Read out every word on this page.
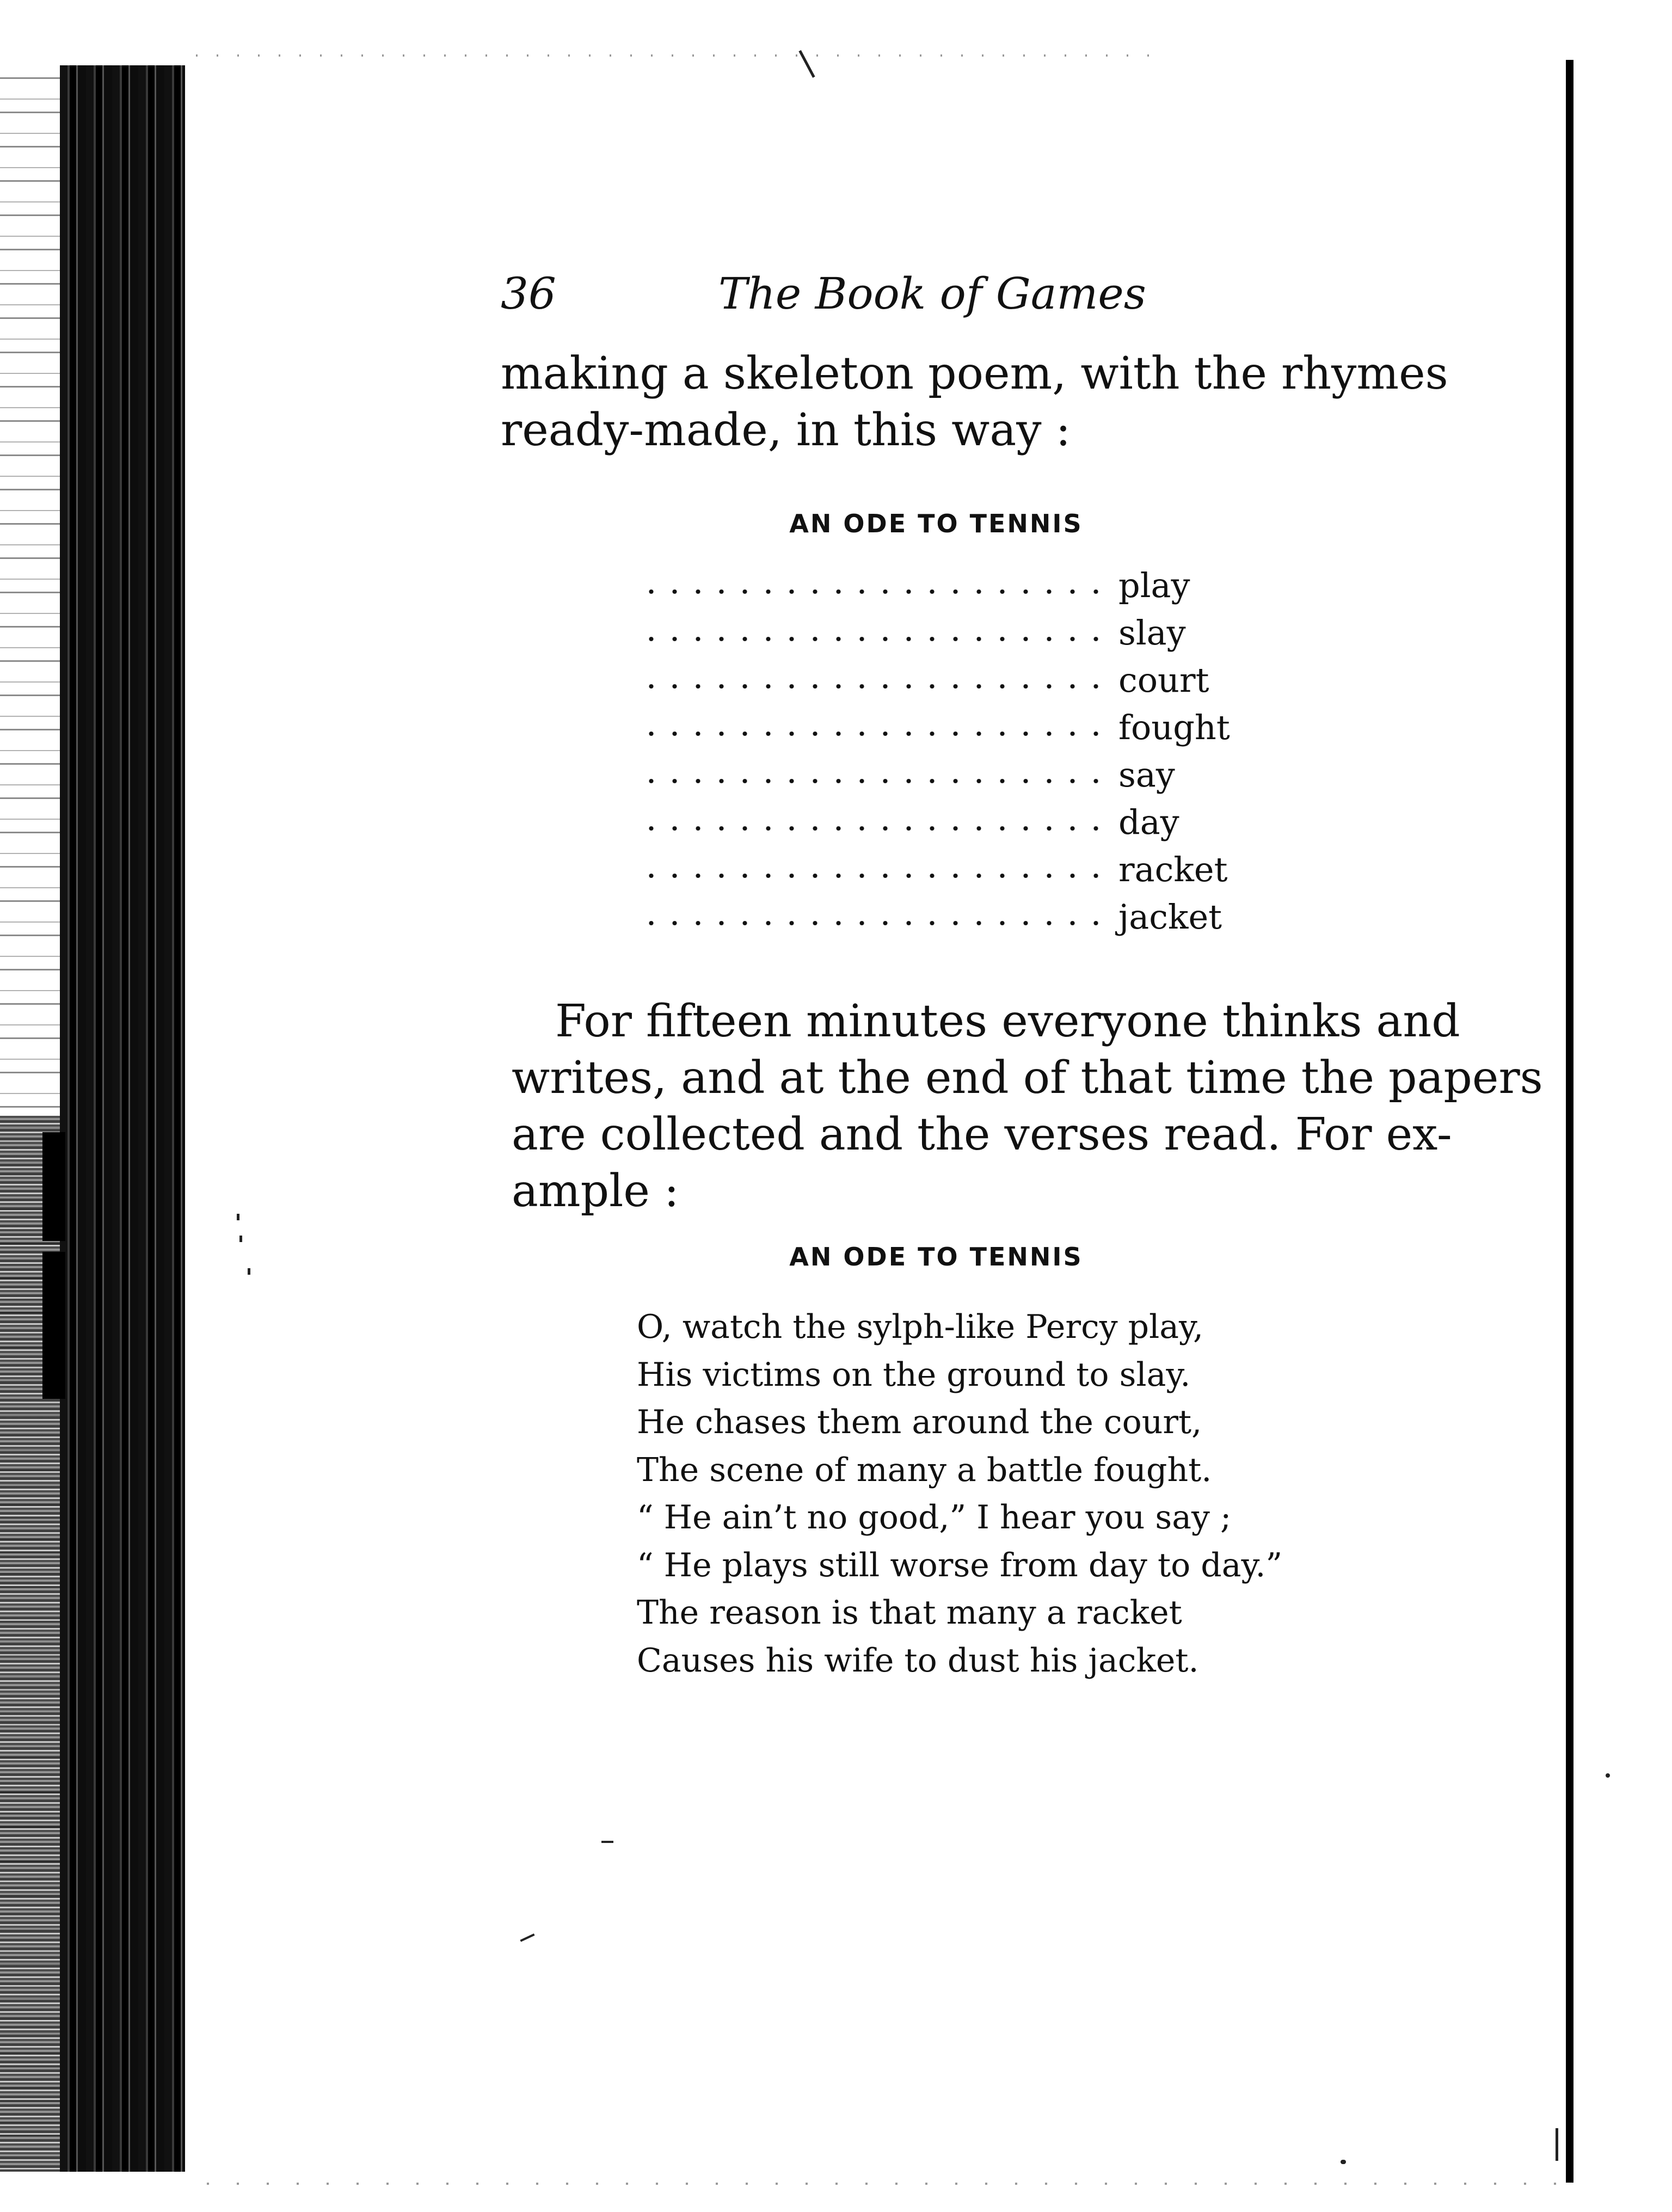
36	The Book of Games
making a skeleton poem, with the rhymes
ready-made, in this way :
AN ODE TO TENNIS
play
slay
court
fought
say
day
racket
jacket
For fifteen minutes everyone thinks and
writes, and at the end of that time the papers
are collected and the verses read. For ex-
ample :
AN ODE TO TENNIS
O, watch the sylph-like Percy play,
His victims on the ground to slay.
He chases them around the court,
The scene of many a battle fought.
“ He ain’t no good,” I hear you say ;
“ He plays still worse from day to day.”
The reason is that many a racket
Causes his wife to dust his jacket.
